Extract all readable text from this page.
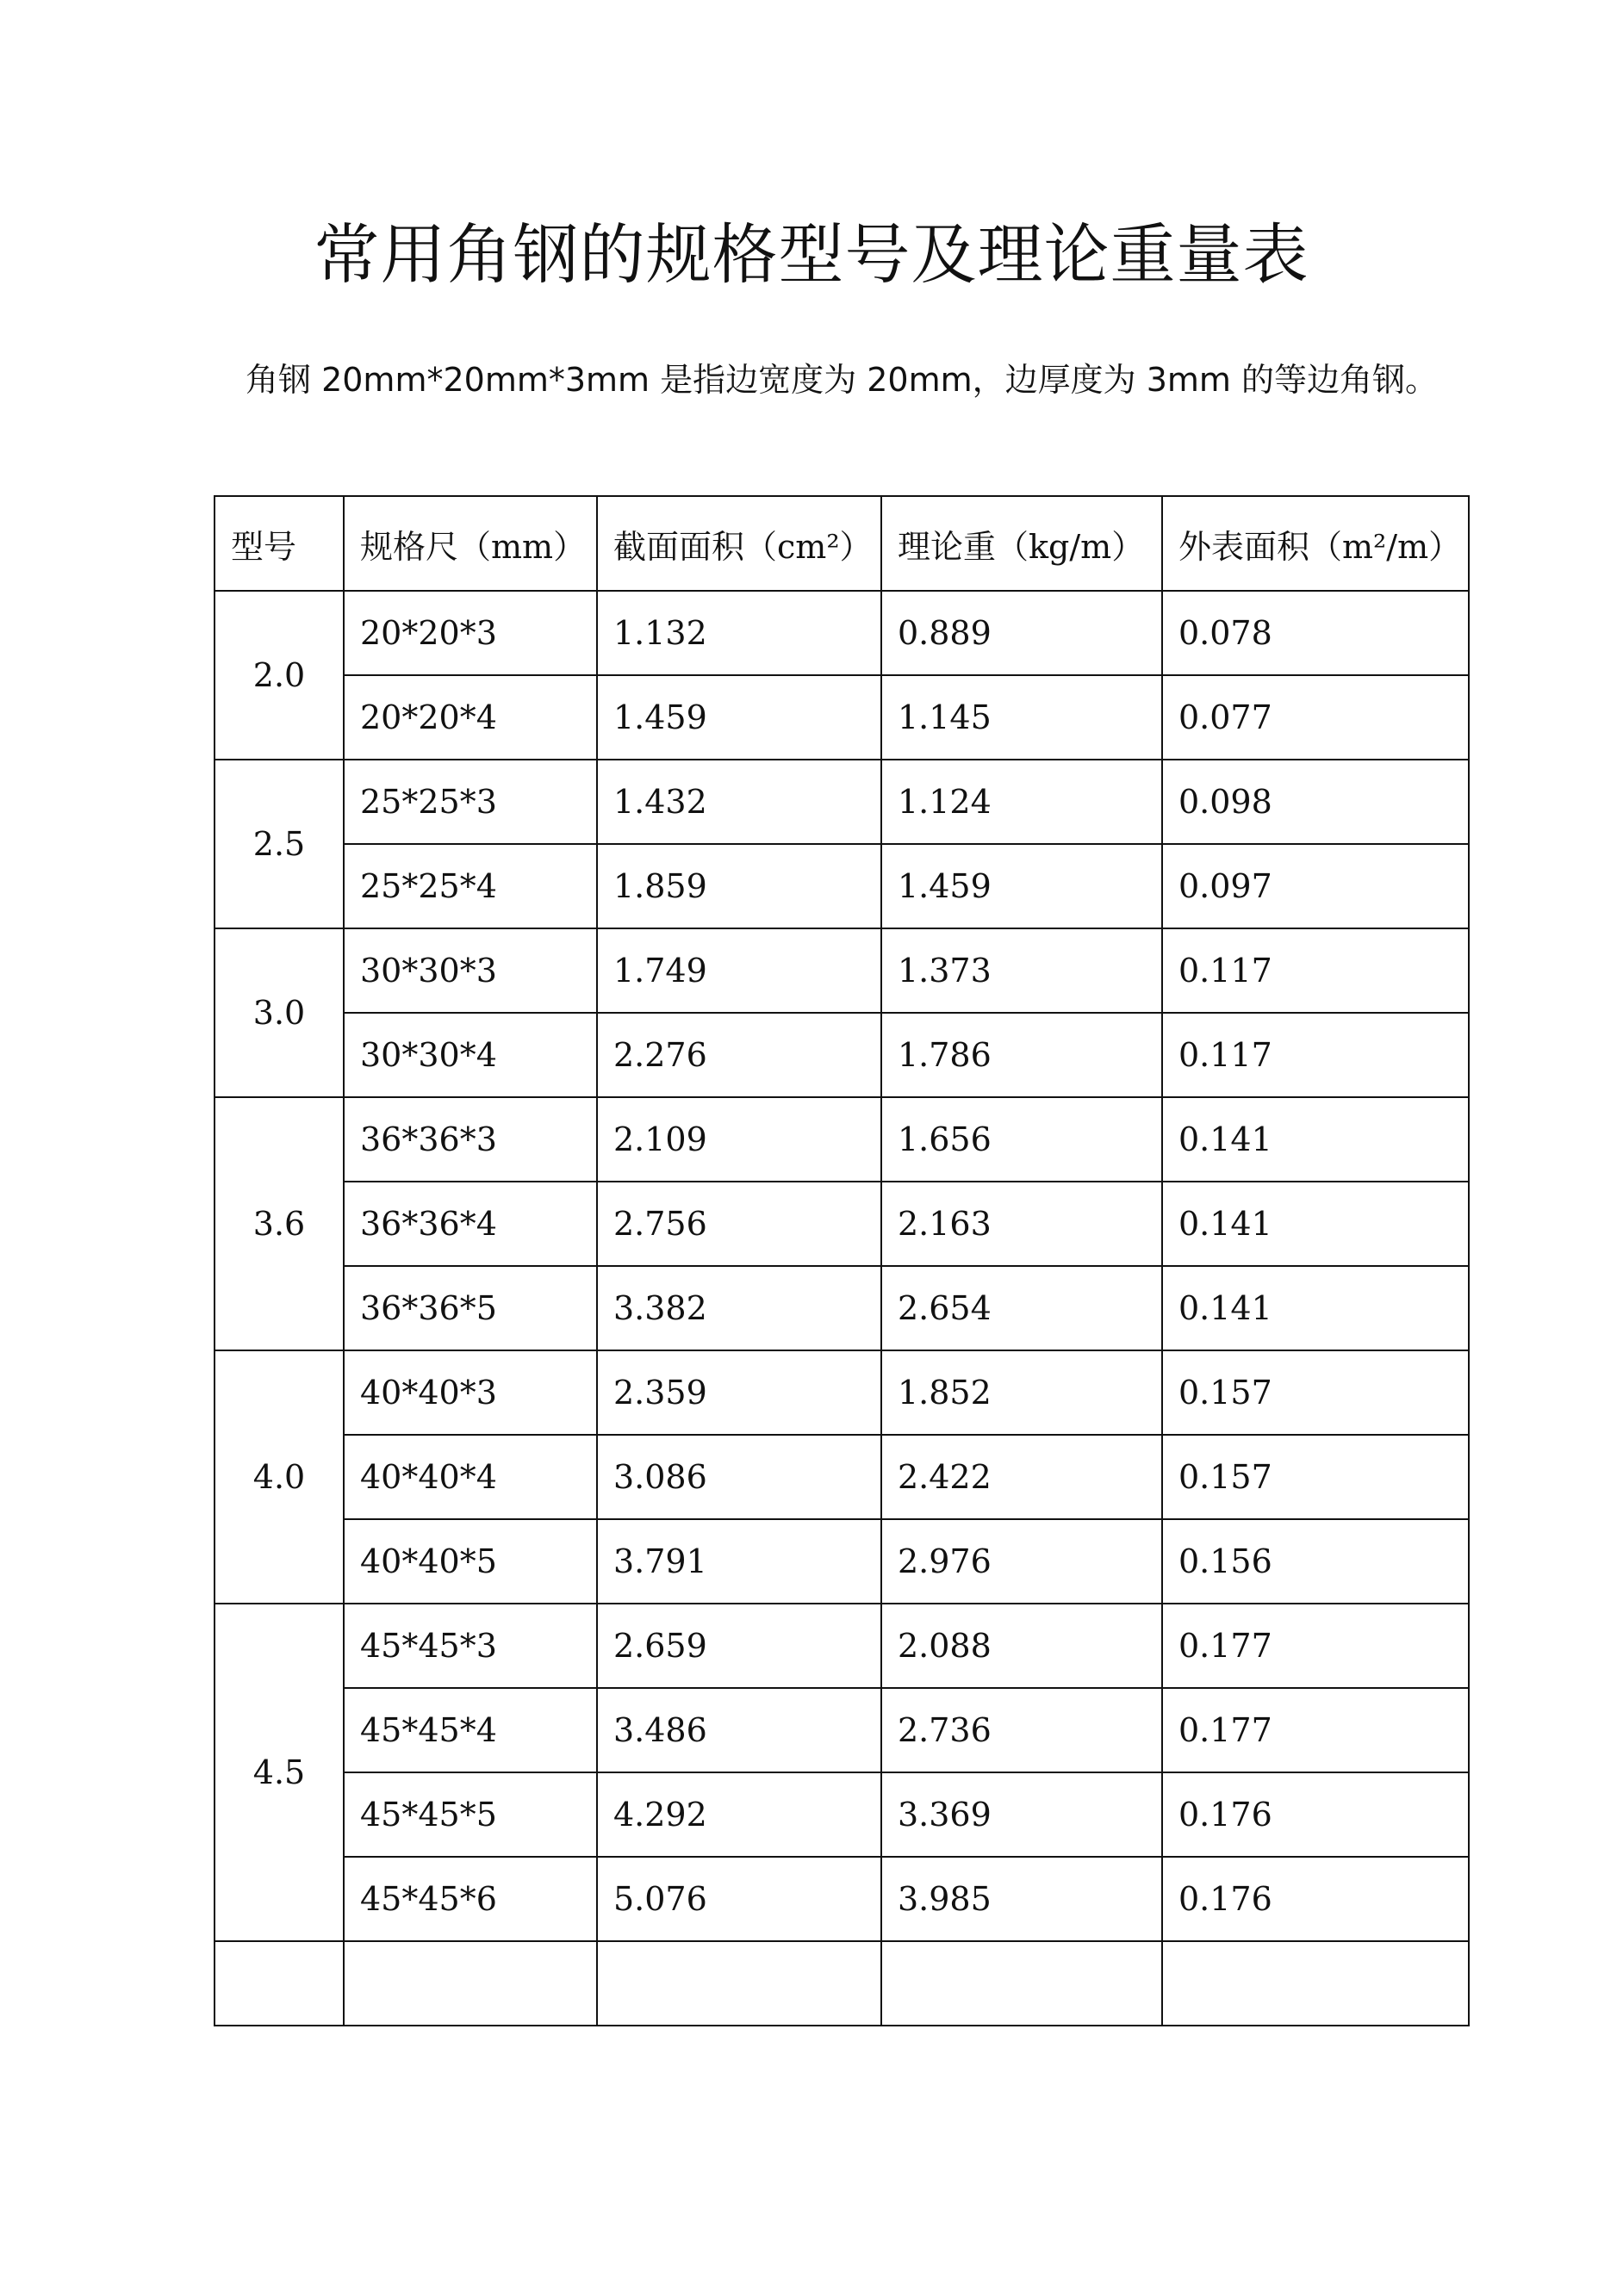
常用角钢的规格型号及理论重量表

角钢 20mm*20mm*3mm 是指边宽度为 20mm，边厚度为 3mm 的等边角钢。

型号	规格尺（mm）	截面面积（cm²）	理论重（kg/m）	外表面积（m²/m）
2.0	20*20*3	1.132	0.889	0.078
	20*20*4	1.459	1.145	0.077
2.5	25*25*3	1.432	1.124	0.098
	25*25*4	1.859	1.459	0.097
3.0	30*30*3	1.749	1.373	0.117
	30*30*4	2.276	1.786	0.117
3.6	36*36*3	2.109	1.656	0.141
	36*36*4	2.756	2.163	0.141
	36*36*5	3.382	2.654	0.141
4.0	40*40*3	2.359	1.852	0.157
	40*40*4	3.086	2.422	0.157
	40*40*5	3.791	2.976	0.156
4.5	45*45*3	2.659	2.088	0.177
	45*45*4	3.486	2.736	0.177
	45*45*5	4.292	3.369	0.176
	45*45*6	5.076	3.985	0.176
